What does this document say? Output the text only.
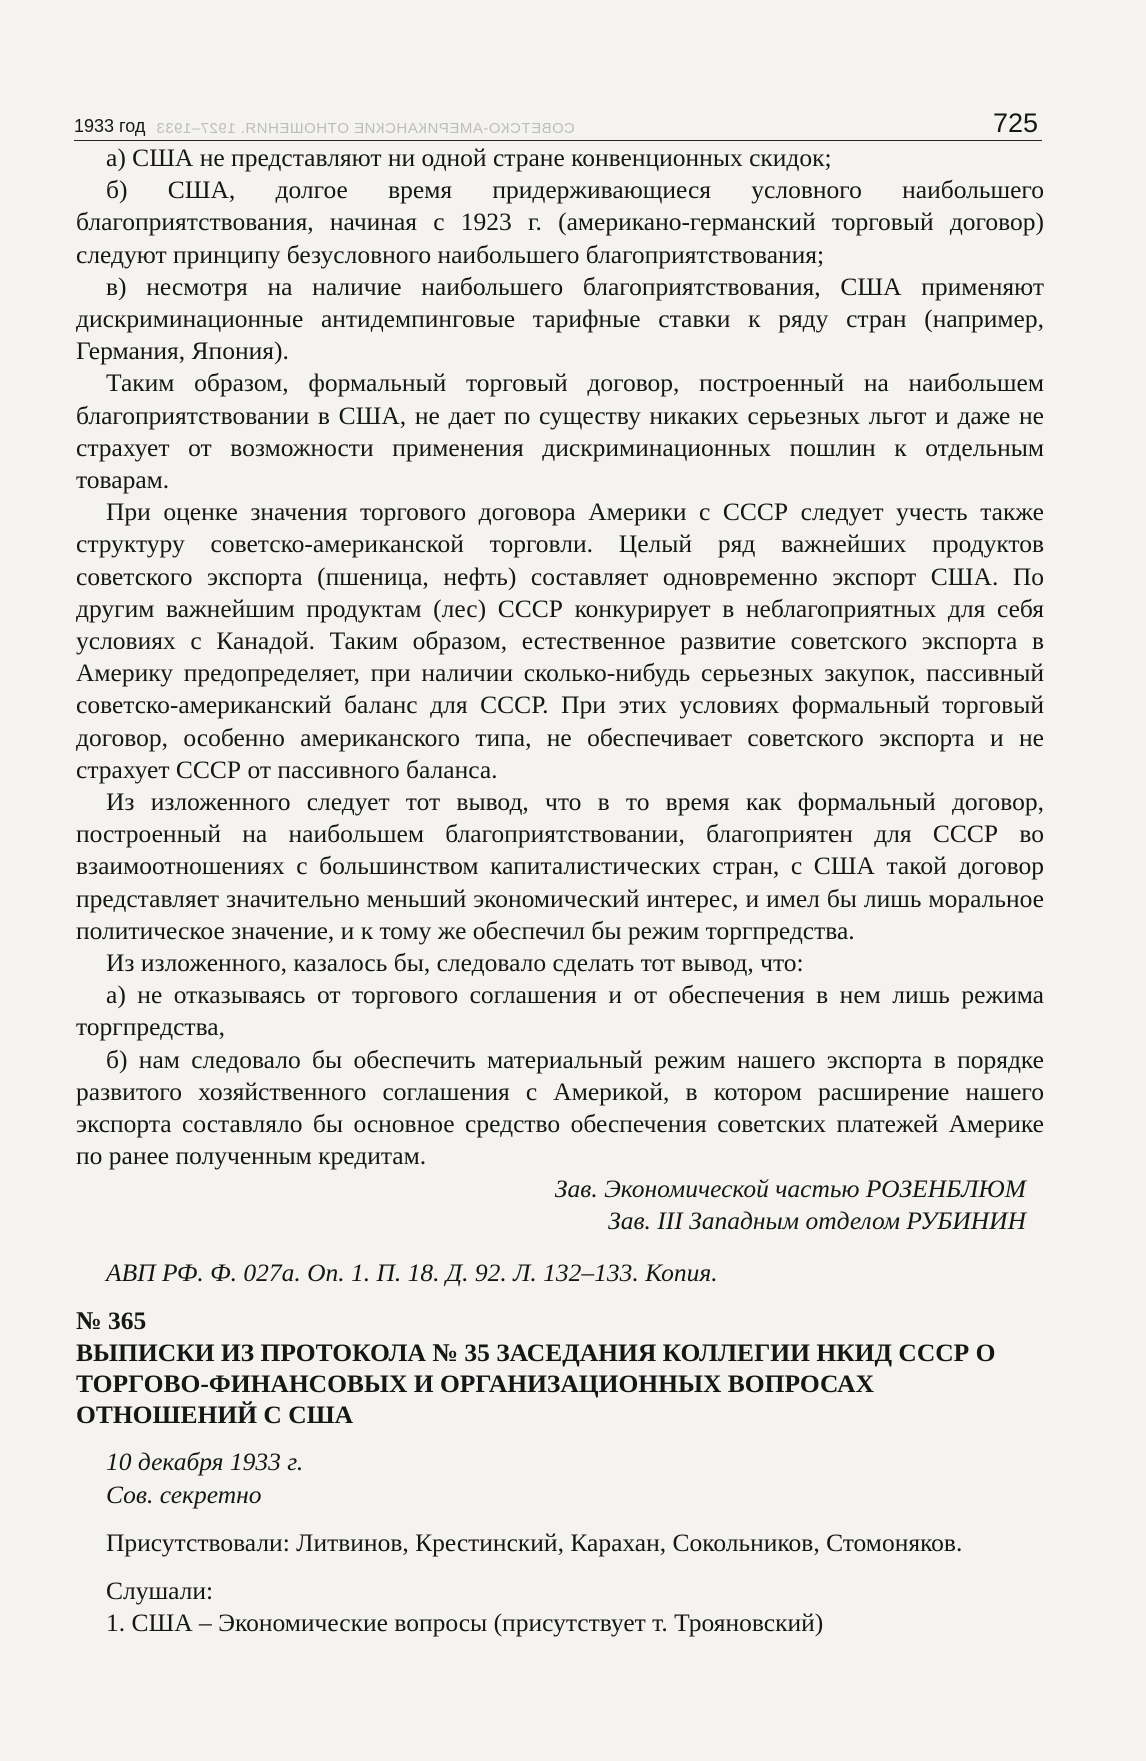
1933 год СОВЕТСКО-АМЕРИКАНСКИЕ ОТНОШЕНИЯ. 1927–1933	725

а) США не представляют ни одной стране конвенционных скидок;

б) США, долгое время придерживающиеся условного наибольшего благоприятствования, начиная с 1923 г. (американо-германский торговый договор) следуют принципу безусловного наибольшего благоприятствования;

в) несмотря на наличие наибольшего благоприятствования, США применяют дискриминационные антидемпинговые тарифные ставки к ряду стран (например, Германия, Япония).

Таким образом, формальный торговый договор, построенный на наибольшем благоприятствовании в США, не дает по существу никаких серьезных льгот и даже не страхует от возможности применения дискриминационных пошлин к отдельным товарам.

При оценке значения торгового договора Америки с СССР следует учесть также структуру советско-американской торговли. Целый ряд важнейших продуктов советского экспорта (пшеница, нефть) составляет одновременно экспорт США. По другим важнейшим продуктам (лес) СССР конкурирует в неблагоприятных для себя условиях с Канадой. Таким образом, естественное развитие советского экспорта в Америку предопределяет, при наличии сколько-нибудь серьезных закупок, пассивный советско-американский баланс для СССР. При этих условиях формальный торговый договор, особенно американского типа, не обеспечивает советского экспорта и не страхует СССР от пассивного баланса.

Из изложенного следует тот вывод, что в то время как формальный договор, построенный на наибольшем благоприятствовании, благоприятен для СССР во взаимоотношениях с большинством капиталистических стран, с США такой договор представляет значительно меньший экономический интерес, и имел бы лишь моральное политическое значение, и к тому же обеспечил бы режим торгпредства.

Из изложенного, казалось бы, следовало сделать тот вывод, что:

а) не отказываясь от торгового соглашения и от обеспечения в нем лишь режима торгпредства,

б) нам следовало бы обеспечить материальный режим нашего экспорта в порядке развитого хозяйственного соглашения с Америкой, в котором расширение нашего экспорта составляло бы основное средство обеспечения советских платежей Америке по ранее полученным кредитам.

Зав. Экономической частью РОЗЕНБЛЮМ

Зав. III Западным отделом РУБИНИН

АВП РФ. Ф. 027а. Оп. 1. П. 18. Д. 92. Л. 132–133. Копия.

№ 365

ВЫПИСКИ ИЗ ПРОТОКОЛА № 35 ЗАСЕДАНИЯ КОЛЛЕГИИ НКИД СССР О ТОРГОВО-ФИНАНСОВЫХ И ОРГАНИЗАЦИОННЫХ ВОПРОСАХ ОТНОШЕНИЙ С США

10 декабря 1933 г.

Сов. секретно

Присутствовали: Литвинов, Крестинский, Карахан, Сокольников, Стомоняков.

Слушали:

1. США – Экономические вопросы (присутствует т. Трояновский)
